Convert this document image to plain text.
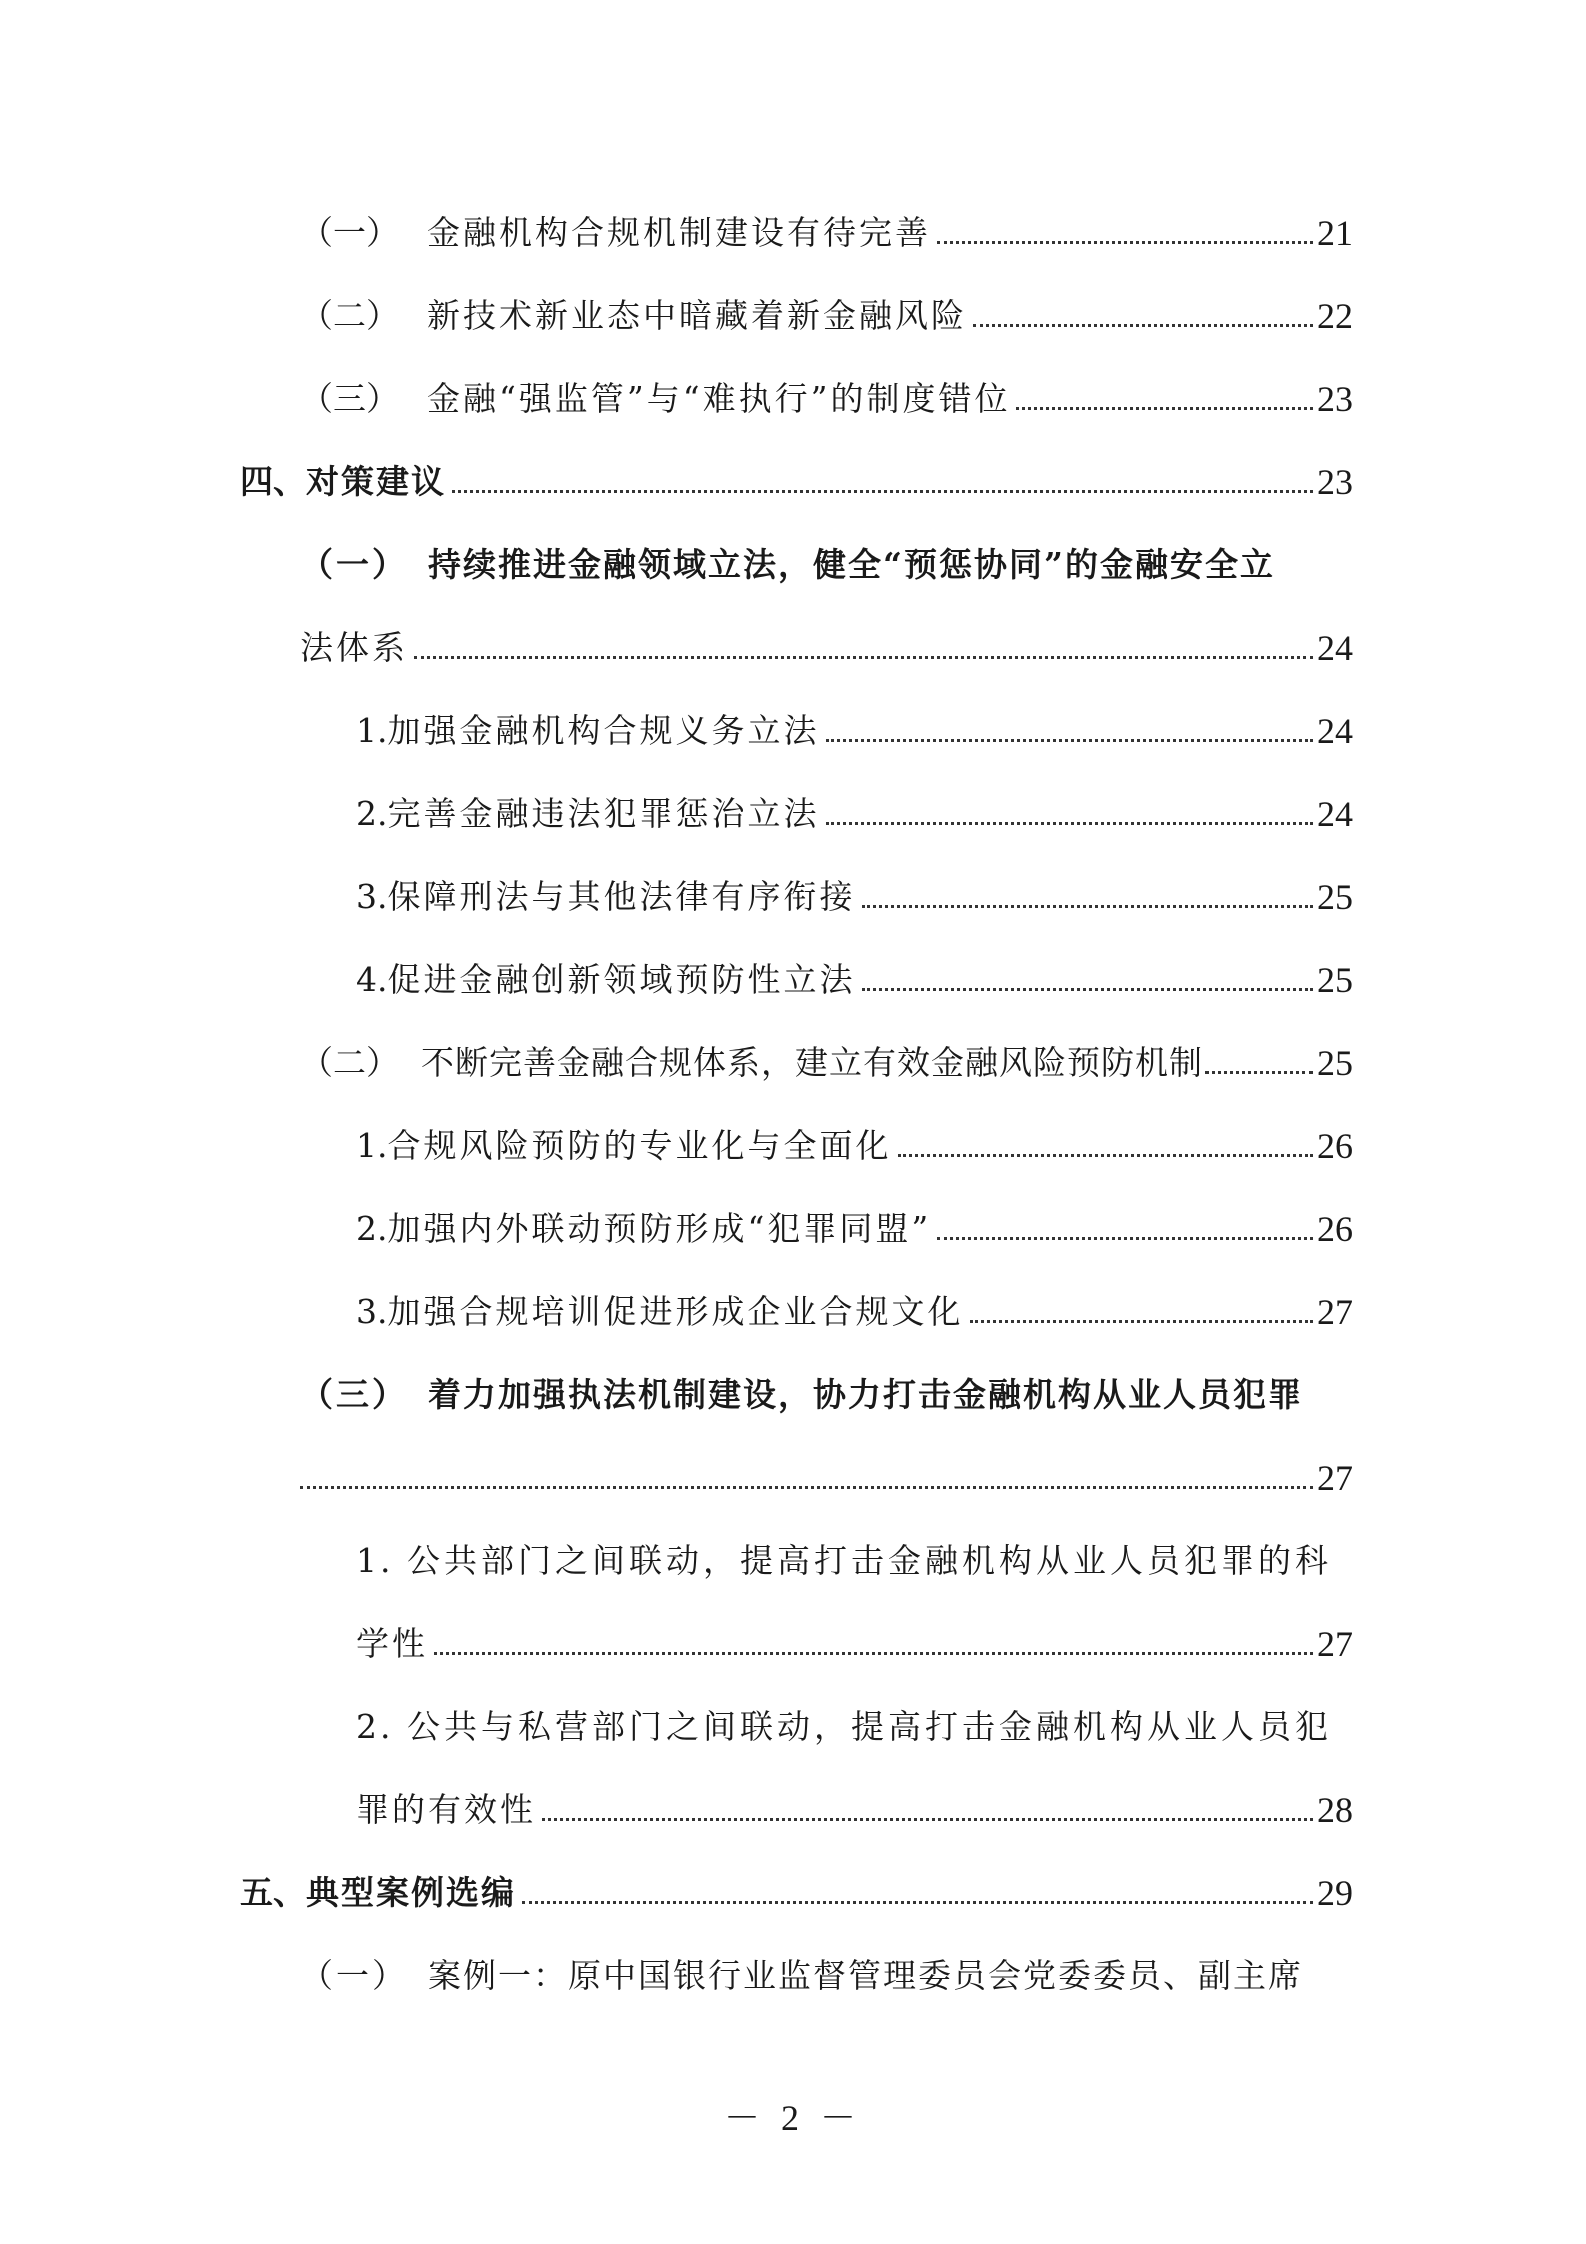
（一） 金融机构合规机制建设有待完善	21
（二） 新技术新业态中暗藏着新金融风险	22
（三） 金融“强监管”与“难执行”的制度错位	23
四、 对策建议	23
（一） 持续推进金融领域立法，健全“预惩协同”的金融安全立
法体系	24
1. 加强金融机构合规义务立法	24
2. 完善金融违法犯罪惩治立法	24
3. 保障刑法与其他法律有序衔接	25
4. 促进金融创新领域预防性立法	25
（二） 不断完善金融合规体系，建立有效金融风险预防机制	25
1. 合规风险预防的专业化与全面化	26
2. 加强内外联动预防形成“犯罪同盟”	26
3. 加强合规培训促进形成企业合规文化	27
（三） 着力加强执法机制建设，协力打击金融机构从业人员犯罪
27
1. 公共部门之间联动，提高打击金融机构从业人员犯罪的科
学性	27
2. 公共与私营部门之间联动，提高打击金融机构从业人员犯
罪的有效性	28
五、 典型案例选编	29
（一） 案例一：原中国银行业监督管理委员会党委委员、副主席
－ 2 －
